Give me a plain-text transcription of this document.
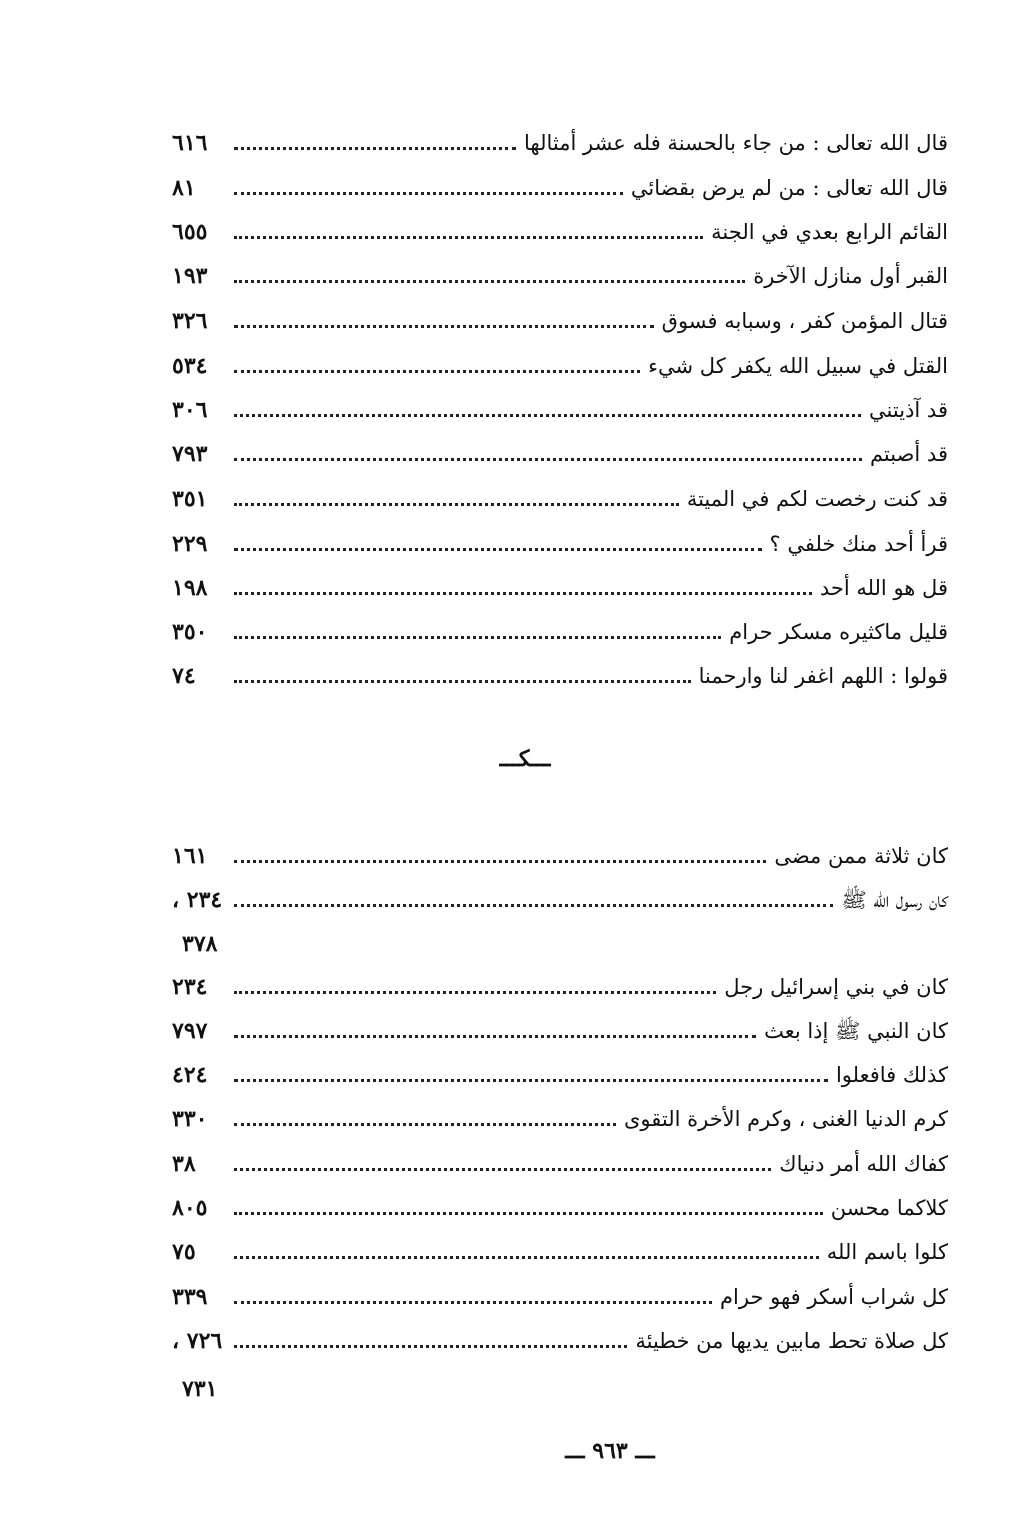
قال الله تعالى : من جاء بالحسنة فله عشر أمثالها
٦١٦
قال الله تعالى : من لم يرض بقضائي
٨١
القائم الرابع بعدي في الجنة
٦٥٥
القبر أول منازل الآخرة
١٩٣
قتال المؤمن كفر ، وسبابه فسوق
٣٢٦
القتل في سبيل الله يكفر كل شيء
٥٣٤
قد آذيتني
٣٠٦
قد أصبتم
٧٩٣
قد كنت رخصت لكم في الميتة
٣٥١
قرأ أحد منك خلفي ؟
٢٢٩
قل هو الله أحد
١٩٨
قليل ماكثيره مسكر حرام
٣٥٠
قولوا : اللهم اغفر لنا وارحمنا
٧٤
ـــكـــ
كان ثلاثة ممن مضى
١٦١
كان رسول الله ﷺ
٢٣٤ ،
٣٧٨
كان في بني إسرائيل رجل
٢٣٤
كان النبي ﷺ إذا بعث
٧٩٧
كذلك فافعلوا
٤٢٤
كرم الدنيا الغنى ، وكرم الأخرة التقوى
٣٣٠
كفاك الله أمر دنياك
٣٨
كلاكما محسن
٨٠٥
كلوا باسم الله
٧٥
كل شراب أسكر فهو حرام
٣٣٩
كل صلاة تحط مابين يديها من خطيئة
٧٢٦ ،
٧٣١
ـــ ٩٦٣ ـــ
